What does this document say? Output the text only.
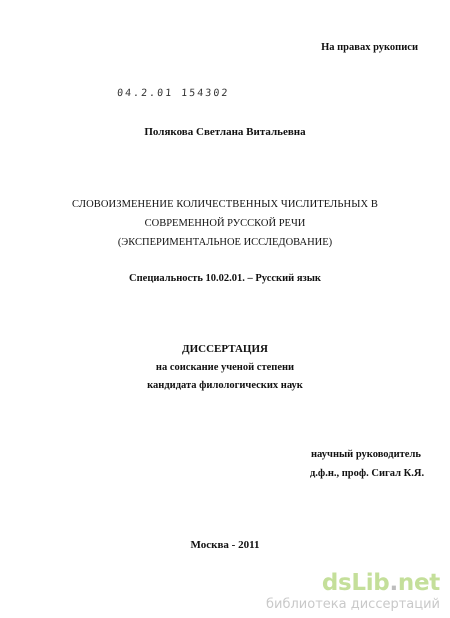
На правах рукописи
04.2.01 154302
Полякова Светлана Витальевна
СЛОВОИЗМЕНЕНИЕ КОЛИЧЕСТВЕННЫХ ЧИСЛИТЕЛЬНЫХ В
СОВРЕМЕННОЙ РУССКОЙ РЕЧИ
(ЭКСПЕРИМЕНТАЛЬНОЕ ИССЛЕДОВАНИЕ)
Специальность 10.02.01. – Русский язык
ДИССЕРТАЦИЯ
на соискание ученой степени
кандидата филологических наук
научный руководитель
д.ф.н., проф. Сигал К.Я.
Москва - 2011
dsLib.net
библиотека диссертаций
